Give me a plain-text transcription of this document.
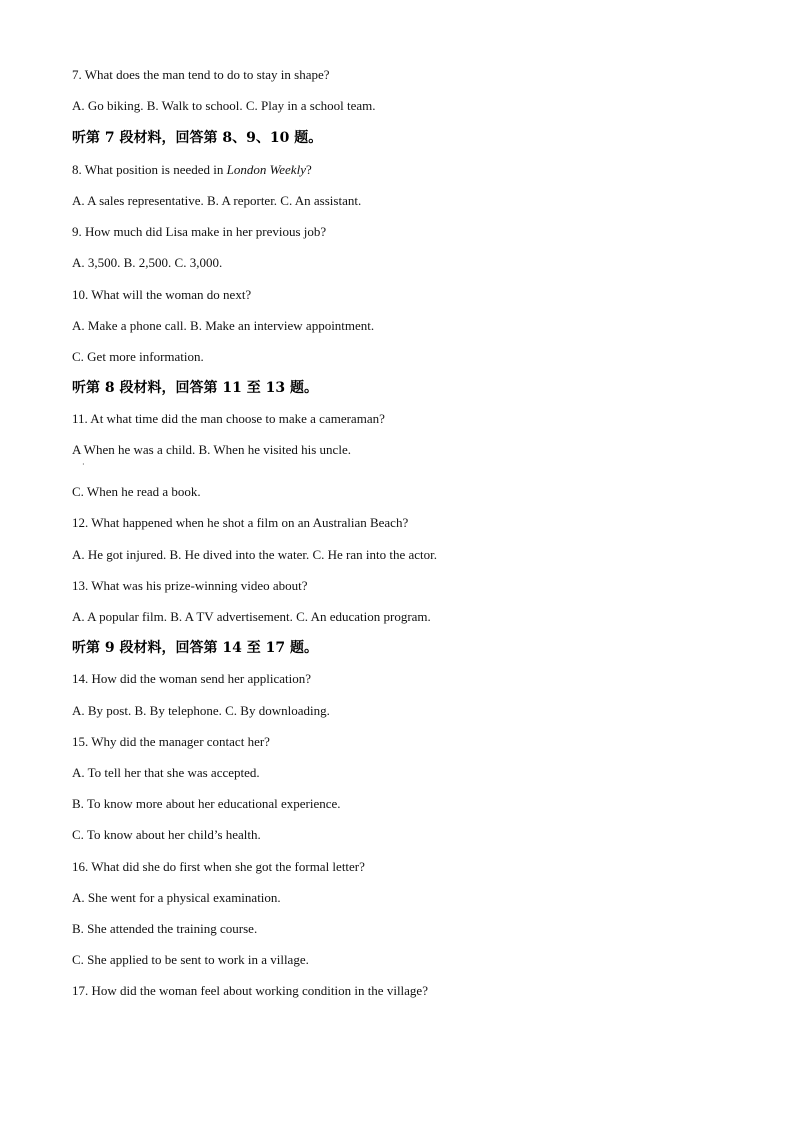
7. What does the man tend to do to stay in shape?
A. Go biking. B. Walk to school. C. Play in a school team.
听第 7 段材料，回答第 8、9、10 题。
8. What position is needed in London Weekly?
A. A sales representative. B. A reporter. C. An assistant.
9. How much did Lisa make in her previous job?
A. 3,500. B. 2,500. C. 3,000.
10. What will the woman do next?
A. Make a phone call. B. Make an interview appointment.
C. Get more information.
听第 8 段材料，回答第 11 至 13 题。
11. At what time did the man choose to make a cameraman?
A When he was a child. B. When he visited his uncle.
·
C. When he read a book.
12. What happened when he shot a film on an Australian Beach?
A. He got injured. B. He dived into the water. C. He ran into the actor.
13. What was his prize-winning video about?
A. A popular film. B. A TV advertisement. C. An education program.
听第 9 段材料，回答第 14 至 17 题。
14. How did the woman send her application?
A. By post. B. By telephone. C. By downloading.
15. Why did the manager contact her?
A. To tell her that she was accepted.
B. To know more about her educational experience.
C. To know about her child’s health.
16. What did she do first when she got the formal letter?
A. She went for a physical examination.
B. She attended the training course.
C. She applied to be sent to work in a village.
17. How did the woman feel about working condition in the village?
